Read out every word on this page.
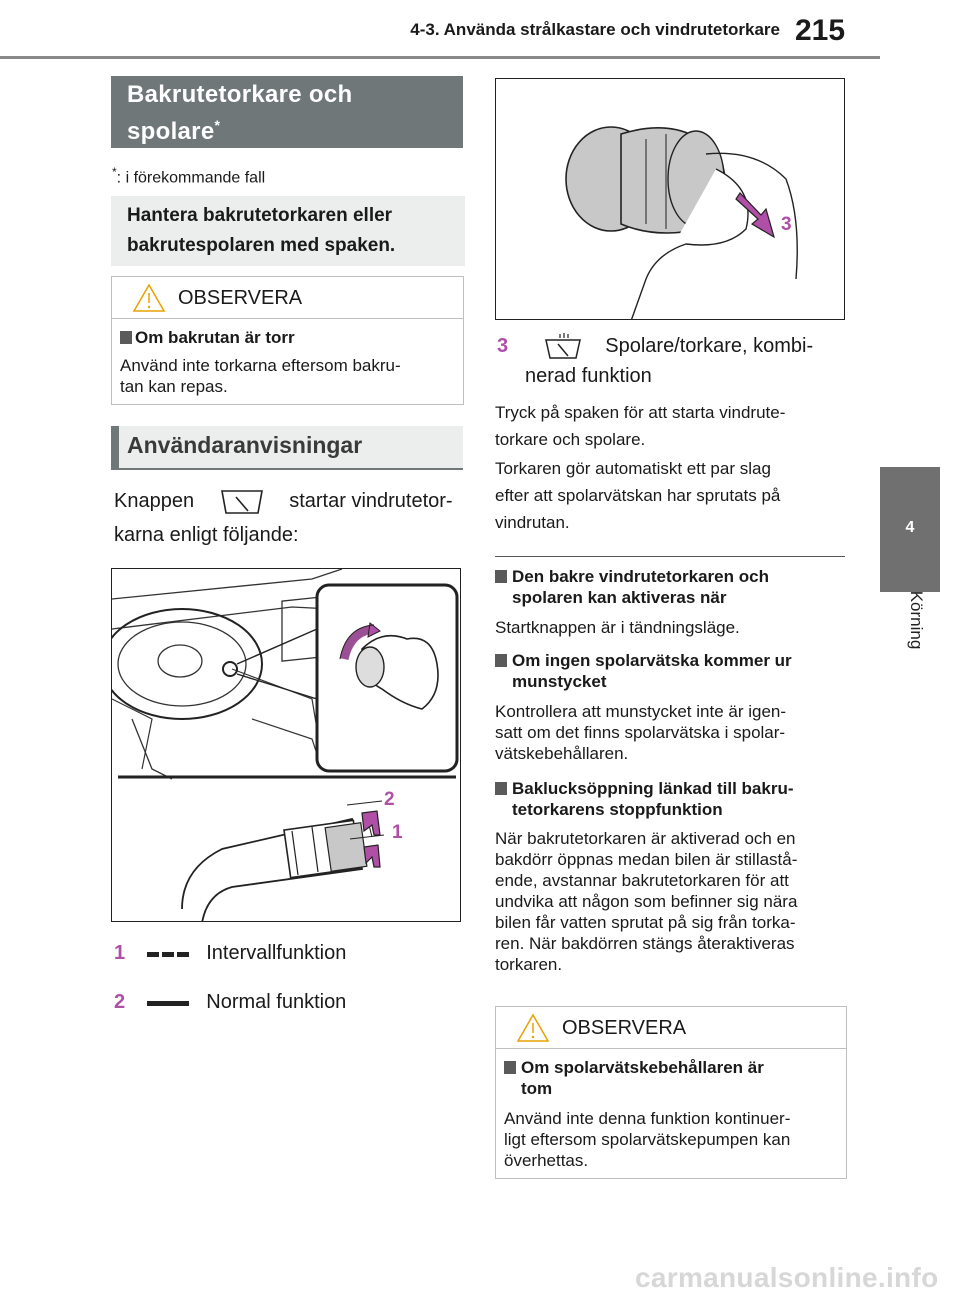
4-3. Använda strålkastare och vindrutetorkare 215
4
Körning
Bakrutetorkare och
spolare*
*: i förekommande fall
Hantera bakrutetorkaren eller
bakrutespolaren med spaken.
OBSERVERA
Om bakrutan är torr
Använd inte torkarna eftersom bakru-
tan kan repas.
Användaranvisningar
Knappen	startar vindrutetor-
karna enligt följande:
2
1
1	Intervallfunktion
2	Normal funktion
3
3	Spolare/torkare, kombi-
nerad funktion
Tryck på spaken för att starta vindrute-
torkare och spolare.
Torkaren gör automatiskt ett par slag
efter att spolarvätskan har sprutats på
vindrutan.
Den bakre vindrutetorkaren och
spolaren kan aktiveras när
Startknappen är i tändningsläge.
Om ingen spolarvätska kommer ur
munstycket
Kontrollera att munstycket inte är igen-
satt om det finns spolarvätska i spolar-
vätskebehållaren.
Baklucksöppning länkad till bakru-
tetorkarens stoppfunktion
När bakrutetorkaren är aktiverad och en
bakdörr öppnas medan bilen är stillastå-
ende, avstannar bakrutetorkaren för att
undvika att någon som befinner sig nära
bilen får vatten sprutat på sig från torka-
ren. När bakdörren stängs återaktiveras
torkaren.
OBSERVERA
Om spolarvätskebehållaren är
tom
Använd inte denna funktion kontinuer-
ligt eftersom spolarvätskepumpen kan
överhettas.
carmanualsonline.info
